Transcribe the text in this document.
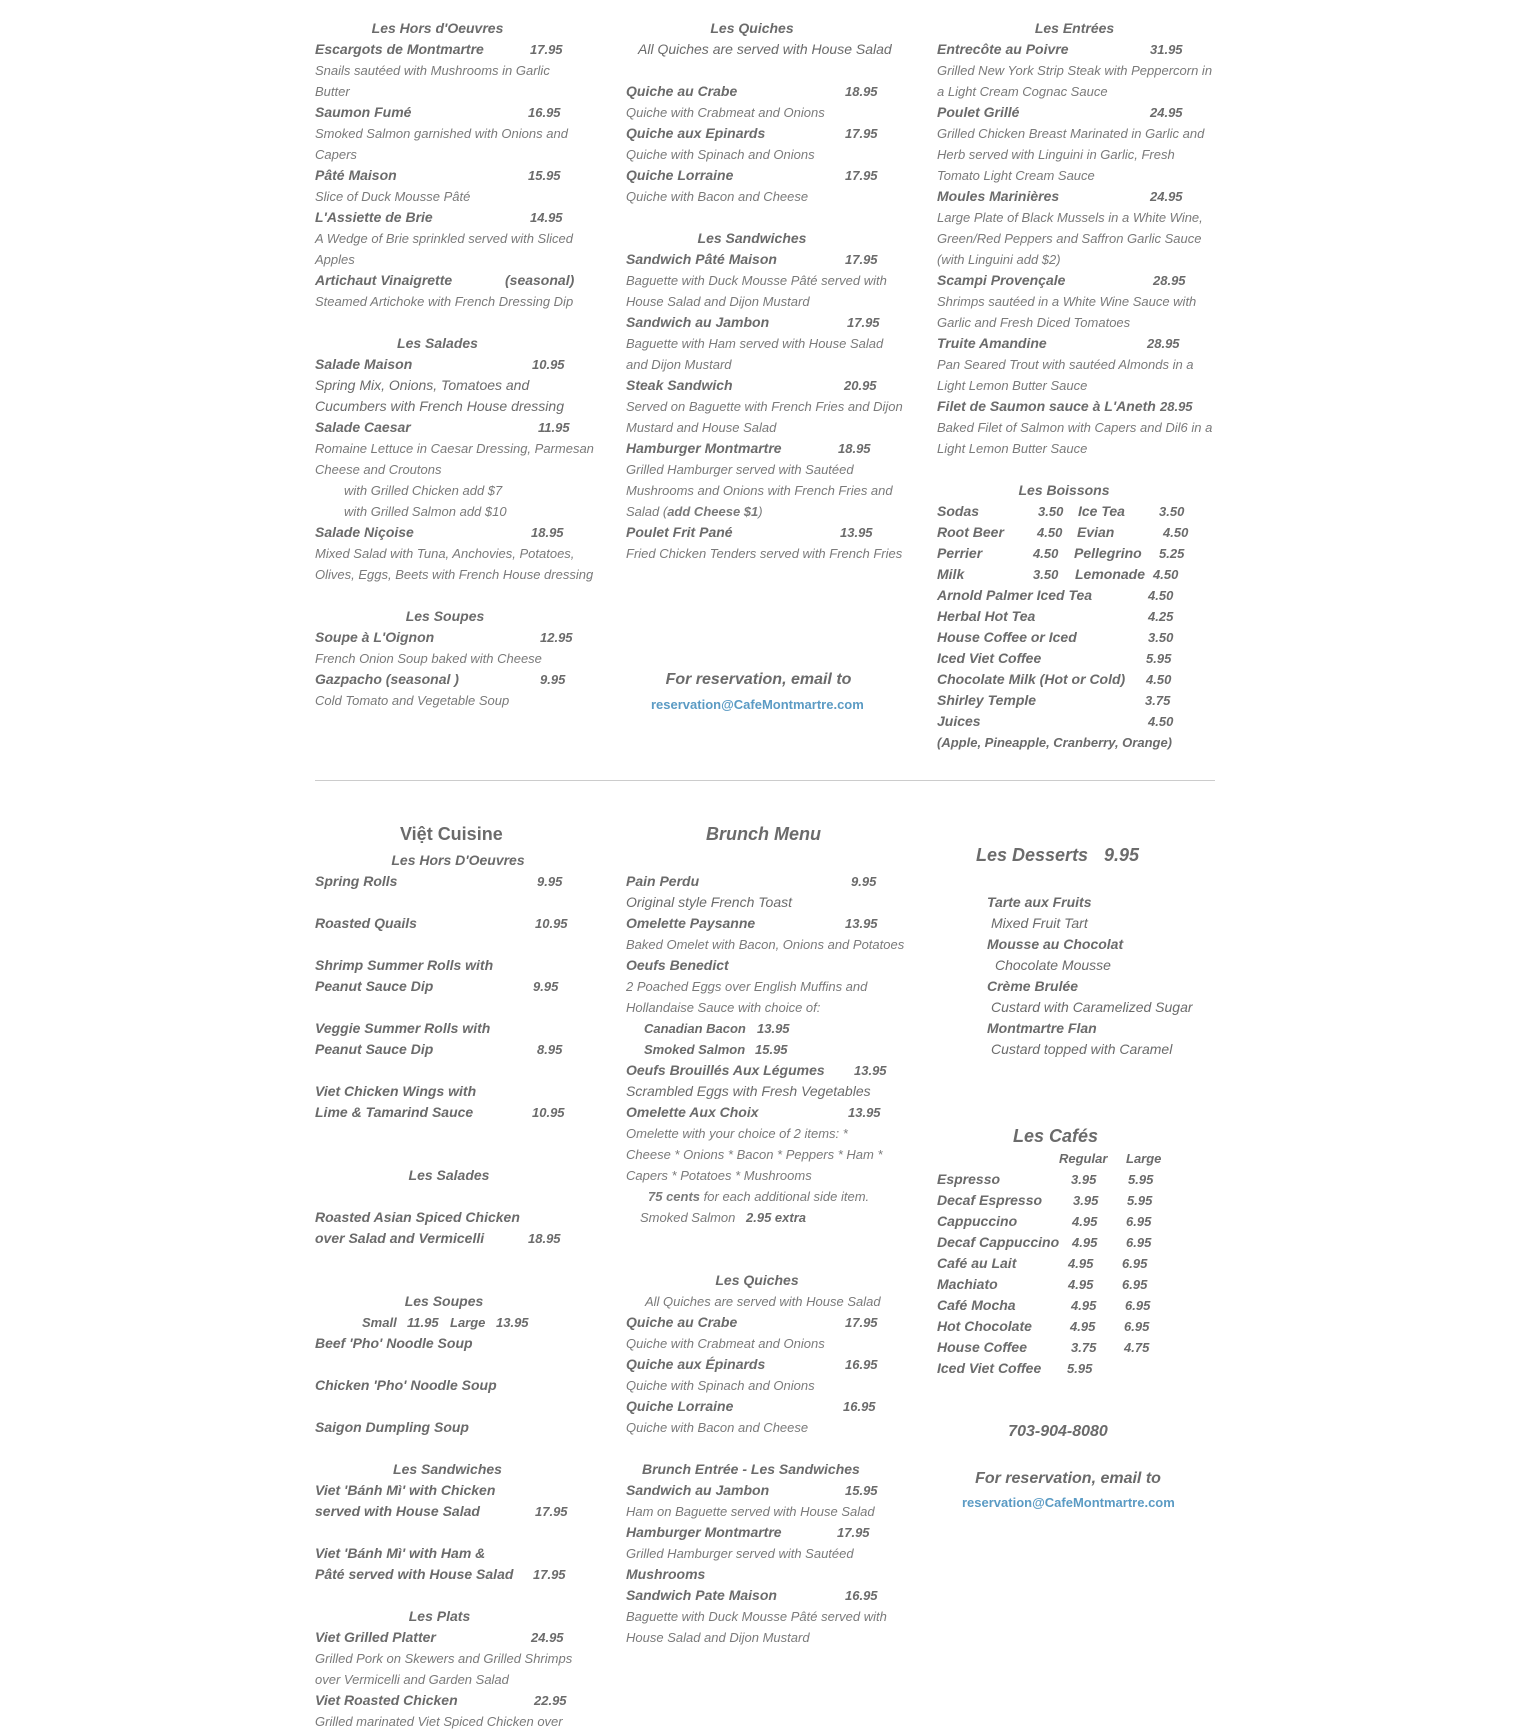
Les Hors d'Oeuvres
Escargots de Montmartre	17.95
Snails sautéed with Mushrooms in Garlic
Butter
Saumon Fumé	16.95
Smoked Salmon garnished with Onions and
Capers
Pâté Maison	15.95
Slice of Duck Mousse Pâté
L'Assiette de Brie	14.95
A Wedge of Brie sprinkled served with Sliced
Apples
Artichaut Vinaigrette	(seasonal)
Steamed Artichoke with French Dressing Dip
Les Salades
Salade Maison	10.95
Spring Mix, Onions, Tomatoes and
Cucumbers with French House dressing
Salade Caesar	11.95
Romaine Lettuce in Caesar Dressing, Parmesan
Cheese and Croutons
with Grilled Chicken add $7
with Grilled Salmon add $10
Salade Niçoise	18.95
Mixed Salad with Tuna, Anchovies, Potatoes,
Olives, Eggs, Beets with French House dressing
Les Soupes
Soupe à L'Oignon	12.95
French Onion Soup baked with Cheese
Gazpacho (seasonal )	9.95
Cold Tomato and Vegetable Soup
Les Quiches
All Quiches are served with House Salad
Quiche au Crabe	18.95
Quiche with Crabmeat and Onions
Quiche aux Epinards	17.95
Quiche with Spinach and Onions
Quiche Lorraine	17.95
Quiche with Bacon and Cheese
Les Sandwiches
Sandwich Pâté Maison	17.95
Baguette with Duck Mousse Pâté served with
House Salad and Dijon Mustard
Sandwich au Jambon	17.95
Baguette with Ham served with House Salad
and Dijon Mustard
Steak Sandwich	20.95
Served on Baguette with French Fries and Dijon
Mustard and House Salad
Hamburger Montmartre	18.95
Grilled Hamburger served with Sautéed
Mushrooms and Onions with French Fries and
Salad (add Cheese $1)
Poulet Frit Pané	13.95
Fried Chicken Tenders served with French Fries
For reservation, email to
reservation@CafeMontmartre.com
Les Entrées
Entrecôte au Poivre	31.95
Grilled New York Strip Steak with Peppercorn in
a Light Cream Cognac Sauce
Poulet Grillé	24.95
Grilled Chicken Breast Marinated in Garlic and
Herb served with Linguini in Garlic, Fresh
Tomato Light Cream Sauce
Moules Marinières	24.95
Large Plate of Black Mussels in a White Wine,
Green/Red Peppers and Saffron Garlic Sauce
(with Linguini add $2)
Scampi Provençale	28.95
Shrimps sautéed in a White Wine Sauce with
Garlic and Fresh Diced Tomatoes
Truite Amandine	28.95
Pan Seared Trout with sautéed Almonds in a
Light Lemon Butter Sauce
Filet de Saumon sauce à L'Aneth 28.95
Baked Filet of Salmon with Capers and Dil6 in a
Light Lemon Butter Sauce
Les Boissons
Sodas	3.50 Ice Tea	3.50
Root Beer	4.50 Evian	4.50
Perrier	4.50 Pellegrino 5.25
Milk	3.50 Lemonade 4.50
Arnold Palmer Iced Tea	4.50
Herbal Hot Tea	4.25
House Coffee or Iced	3.50
Iced Viet Coffee	5.95
Chocolate Milk (Hot or Cold) 4.50
Shirley Temple	3.75
Juices	4.50
(Apple, Pineapple, Cranberry, Orange)
Việt Cuisine
Les Hors D'Oeuvres
Spring Rolls	9.95
Roasted Quails	10.95
Shrimp Summer Rolls with
Peanut Sauce Dip	9.95
Veggie Summer Rolls with
Peanut Sauce Dip	8.95
Viet Chicken Wings with
Lime & Tamarind Sauce	10.95
Les Salades
Roasted Asian Spiced Chicken
over Salad and Vermicelli	18.95
Les Soupes
Small 11.95 Large 13.95
Beef 'Pho' Noodle Soup
Chicken 'Pho' Noodle Soup
Saigon Dumpling Soup
Les Sandwiches
Viet 'Bánh Mì' with Chicken
served with House Salad	17.95
Viet 'Bánh Mì' with Ham &
Pâté served with House Salad 17.95
Les Plats
Viet Grilled Platter	24.95
Grilled Pork on Skewers and Grilled Shrimps
over Vermicelli and Garden Salad
Viet Roasted Chicken	22.95
Grilled marinated Viet Spiced Chicken over
Brunch Menu
Pain Perdu	9.95
Original style French Toast
Omelette Paysanne	13.95
Baked Omelet with Bacon, Onions and Potatoes
Oeufs Benedict
2 Poached Eggs over English Muffins and
Hollandaise Sauce with choice of:
Canadian Bacon 13.95
Smoked Salmon 15.95
Oeufs Brouillés Aux Légumes 13.95
Scrambled Eggs with Fresh Vegetables
Omelette Aux Choix	13.95
Omelette with your choice of 2 items: *
Cheese * Onions * Bacon * Peppers * Ham *
Capers * Potatoes * Mushrooms
75 cents for each additional side item.
Smoked Salmon 2.95 extra
Les Quiches
All Quiches are served with House Salad
Quiche au Crabe	17.95
Quiche with Crabmeat and Onions
Quiche aux Épinards	16.95
Quiche with Spinach and Onions
Quiche Lorraine	16.95
Quiche with Bacon and Cheese
Brunch Entrée - Les Sandwiches
Sandwich au Jambon	15.95
Ham on Baguette served with House Salad
Hamburger Montmartre	17.95
Grilled Hamburger served with Sautéed
Mushrooms
Sandwich Pate Maison	16.95
Baguette with Duck Mousse Pâté served with
House Salad and Dijon Mustard
Les Desserts 9.95
Tarte aux Fruits
Mixed Fruit Tart
Mousse au Chocolat
Chocolate Mousse
Crème Brulée
Custard with Caramelized Sugar
Montmartre Flan
Custard topped with Caramel
Les Cafés
Regular Large
Espresso	3.95 5.95
Decaf Espresso 3.95 5.95
Cappuccino	4.95 6.95
Decaf Cappuccino 4.95 6.95
Café au Lait	4.95 6.95
Machiato	4.95 6.95
Café Mocha	4.95 6.95
Hot Chocolate	4.95 6.95
House Coffee	3.75 4.75
Iced Viet Coffee 5.95
703-904-8080
For reservation, email to
reservation@CafeMontmartre.com
